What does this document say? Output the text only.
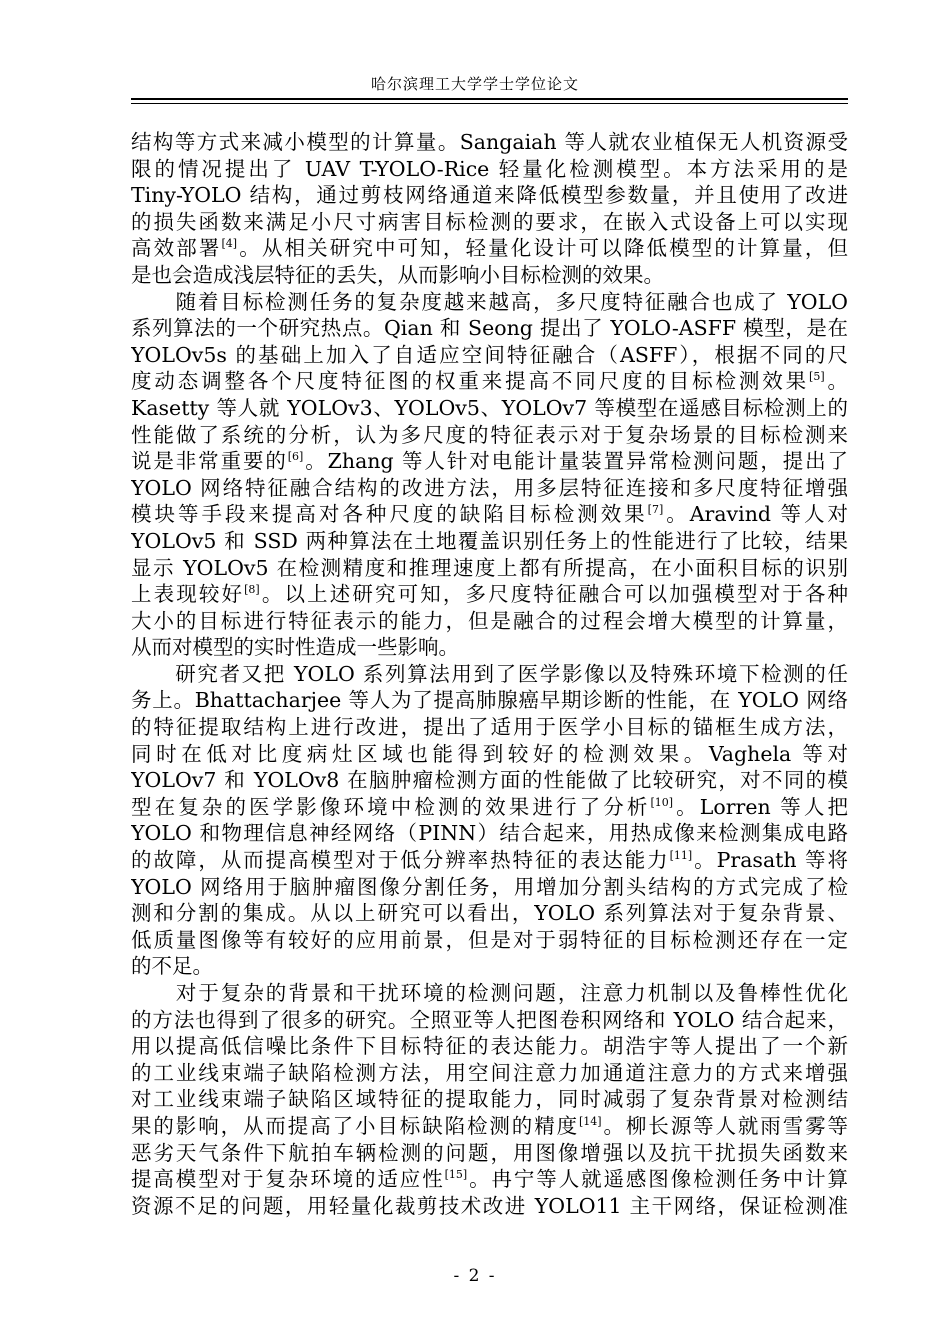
哈尔滨理工大学学士学位论文
结构等方式来减小模型的计算量。Sangaiah 等人就农业植保无人机资源受
限的情况提出了 UAV T-YOLO-Rice 轻量化检测模型。本方法采用的是
Tiny-YOLO 结构，通过剪枝网络通道来降低模型参数量，并且使用了改进
的损失函数来满足小尺寸病害目标检测的要求，在嵌入式设备上可以实现
高效部署[4]。从相关研究中可知，轻量化设计可以降低模型的计算量，但
是也会造成浅层特征的丢失，从而影响小目标检测的效果。
　　随着目标检测任务的复杂度越来越高，多尺度特征融合也成了 YOLO
系列算法的一个研究热点。Qian 和 Seong 提出了 YOLO-ASFF 模型，是在
YOLOv5s 的基础上加入了自适应空间特征融合（ASFF），根据不同的尺
度动态调整各个尺度特征图的权重来提高不同尺度的目标检测效果[5]。
Kasetty 等人就 YOLOv3、YOLOv5、YOLOv7 等模型在遥感目标检测上的
性能做了系统的分析，认为多尺度的特征表示对于复杂场景的目标检测来
说是非常重要的[6]。Zhang 等人针对电能计量装置异常检测问题，提出了
YOLO 网络特征融合结构的改进方法，用多层特征连接和多尺度特征增强
模块等手段来提高对各种尺度的缺陷目标检测效果[7]。Aravind 等人对
YOLOv5 和 SSD 两种算法在土地覆盖识别任务上的性能进行了比较，结果
显示 YOLOv5 在检测精度和推理速度上都有所提高，在小面积目标的识别
上表现较好[8]。以上述研究可知，多尺度特征融合可以加强模型对于各种
大小的目标进行特征表示的能力，但是融合的过程会增大模型的计算量，
从而对模型的实时性造成一些影响。
　　研究者又把 YOLO 系列算法用到了医学影像以及特殊环境下检测的任
务上。Bhattacharjee 等人为了提高肺腺癌早期诊断的性能，在 YOLO 网络
的特征提取结构上进行改进，提出了适用于医学小目标的锚框生成方法，
同时在低对比度病灶区域也能得到较好的检测效果。Vaghela 等对
YOLOv7 和 YOLOv8 在脑肿瘤检测方面的性能做了比较研究，对不同的模
型在复杂的医学影像环境中检测的效果进行了分析[10]。Lorren 等人把
YOLO 和物理信息神经网络（PINN）结合起来，用热成像来检测集成电路
的故障，从而提高模型对于低分辨率热特征的表达能力[11]。Prasath 等将
YOLO 网络用于脑肿瘤图像分割任务，用增加分割头结构的方式完成了检
测和分割的集成。从以上研究可以看出，YOLO 系列算法对于复杂背景、
低质量图像等有较好的应用前景，但是对于弱特征的目标检测还存在一定
的不足。
　　对于复杂的背景和干扰环境的检测问题，注意力机制以及鲁棒性优化
的方法也得到了很多的研究。仝照亚等人把图卷积网络和 YOLO 结合起来，
用以提高低信噪比条件下目标特征的表达能力。胡浩宇等人提出了一个新
的工业线束端子缺陷检测方法，用空间注意力加通道注意力的方式来增强
对工业线束端子缺陷区域特征的提取能力，同时减弱了复杂背景对检测结
果的影响，从而提高了小目标缺陷检测的精度[14]。柳长源等人就雨雪雾等
恶劣天气条件下航拍车辆检测的问题，用图像增强以及抗干扰损失函数来
提高模型对于复杂环境的适应性[15]。冉宁等人就遥感图像检测任务中计算
资源不足的问题，用轻量化裁剪技术改进 YOLO11 主干网络，保证检测准
- 2 -
